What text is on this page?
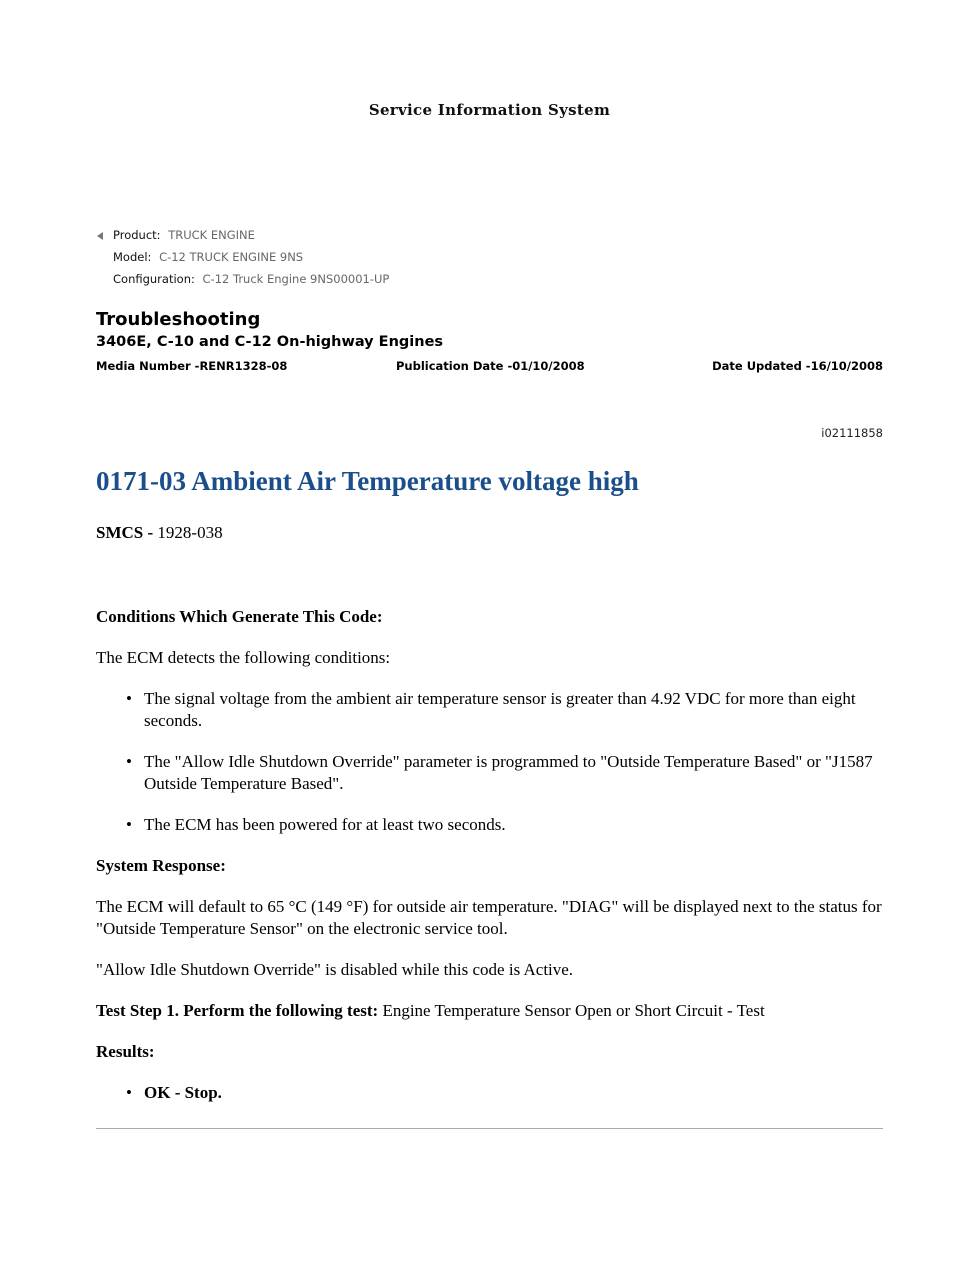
Service Information System
Product: TRUCK ENGINE
Model: C-12 TRUCK ENGINE 9NS
Configuration: C-12 Truck Engine 9NS00001-UP
Troubleshooting
3406E, C-10 and C-12 On-highway Engines
Media Number -RENR1328-08	Publication Date -01/10/2008	Date Updated -16/10/2008
i02111858
0171-03 Ambient Air Temperature voltage high

SMCS - 1928-038

Conditions Which Generate This Code:

The ECM detects the following conditions:

• The signal voltage from the ambient air temperature sensor is greater than 4.92 VDC for more than eight seconds.
• The "Allow Idle Shutdown Override" parameter is programmed to "Outside Temperature Based" or "J1587 Outside Temperature Based".
• The ECM has been powered for at least two seconds.

System Response:

The ECM will default to 65 °C (149 °F) for outside air temperature. "DIAG" will be displayed next to the status for "Outside Temperature Sensor" on the electronic service tool.

"Allow Idle Shutdown Override" is disabled while this code is Active.

Test Step 1. Perform the following test: Engine Temperature Sensor Open or Short Circuit - Test

Results:

• OK - Stop.
